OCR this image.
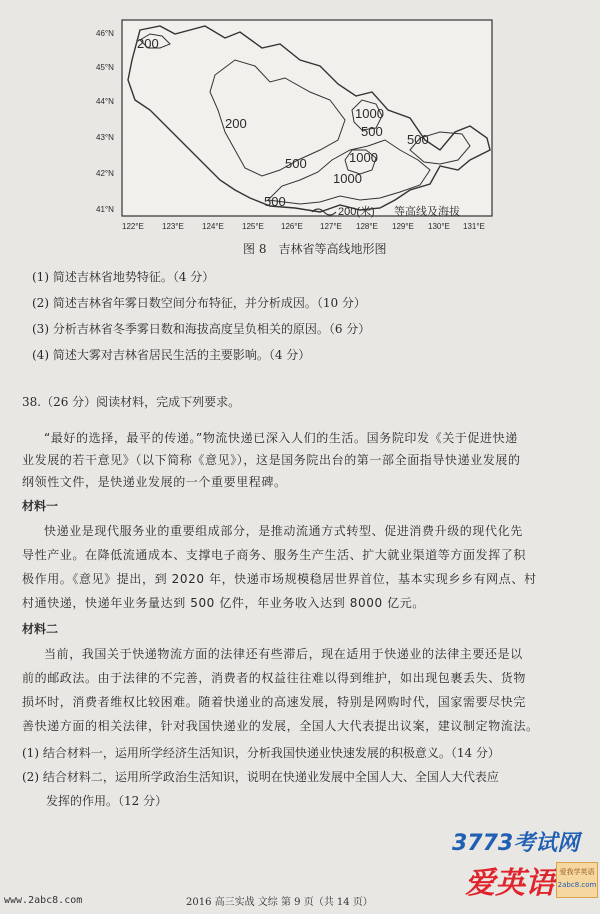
46°N
45°N
44°N
43°N
42°N
41°N
122°E 123°E 124°E 125°E 126°E 127°E 128°E 129°E 130°E 131°E
200
200
500
500
1000
500
1000
1000
500
200(米) 等高线及海拔
图 8　吉林省等高线地形图
(1) 简述吉林省地势特征。（4 分）
(2) 简述吉林省年雾日数空间分布特征，并分析成因。（10 分）
(3) 分析吉林省冬季雾日数和海拔高度呈负相关的原因。（6 分）
(4) 简述大雾对吉林省居民生活的主要影响。（4 分）
38.（26 分）阅读材料，完成下列要求。
“最好的选择，最平的传递。”物流快递已深入人们的生活。国务院印发《关于促进快递
业发展的若干意见》（以下简称《意见》），这是国务院出台的第一部全面指导快递业发展的
纲领性文件，是快递业发展的一个重要里程碑。
材料一
快递业是现代服务业的重要组成部分，是推动流通方式转型、促进消费升级的现代化先
导性产业。在降低流通成本、支撑电子商务、服务生产生活、扩大就业渠道等方面发挥了积
极作用。《意见》提出，到 2020 年，快递市场规模稳居世界首位，基本实现乡乡有网点、村
村通快递，快递年业务量达到 500 亿件，年业务收入达到 8000 亿元。
材料二
当前，我国关于快递物流方面的法律还有些滞后，现在适用于快递业的法律主要还是以
前的邮政法。由于法律的不完善，消费者的权益往往难以得到维护，如出现包裹丢失、货物
损坏时，消费者维权比较困难。随着快递业的高速发展，特别是网购时代，国家需要尽快完
善快递方面的相关法律，针对我国快递业的发展，全国人大代表提出议案，建议制定物流法。
(1) 结合材料一，运用所学经济生活知识，分析我国快递业快速发展的积极意义。（14 分）
(2) 结合材料二，运用所学政治生活知识，说明在快递业发展中全国人大、全国人大代表应
　　发挥的作用。（12 分）
3773考试网
爱英语 爱我学英语
2abc8.com
www.2abc8.com	2016 高三实战 文综 第 9 页（共 14 页）
